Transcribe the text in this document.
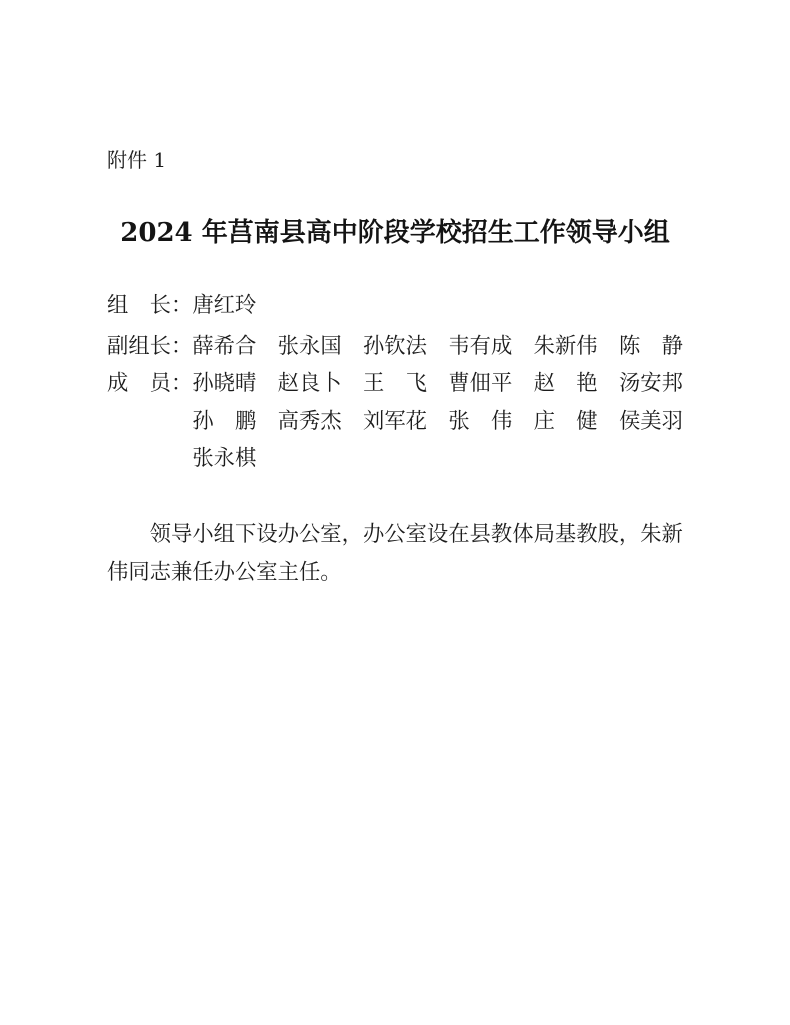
附件 1
2024 年莒南县高中阶段学校招生工作领导小组
组　长： 唐红玲
副组长： 薛希合 张永国 孙钦法 韦有成 朱新伟 陈　静
成　员： 孙晓晴 赵良卜 王　飞 曹佃平 赵　艳 汤安邦
孙　鹏 高秀杰 刘军花 张　伟 庄　健 侯美羽
张永棋
领导小组下设办公室，办公室设在县教体局基教股，朱新伟同志兼任办公室主任。
